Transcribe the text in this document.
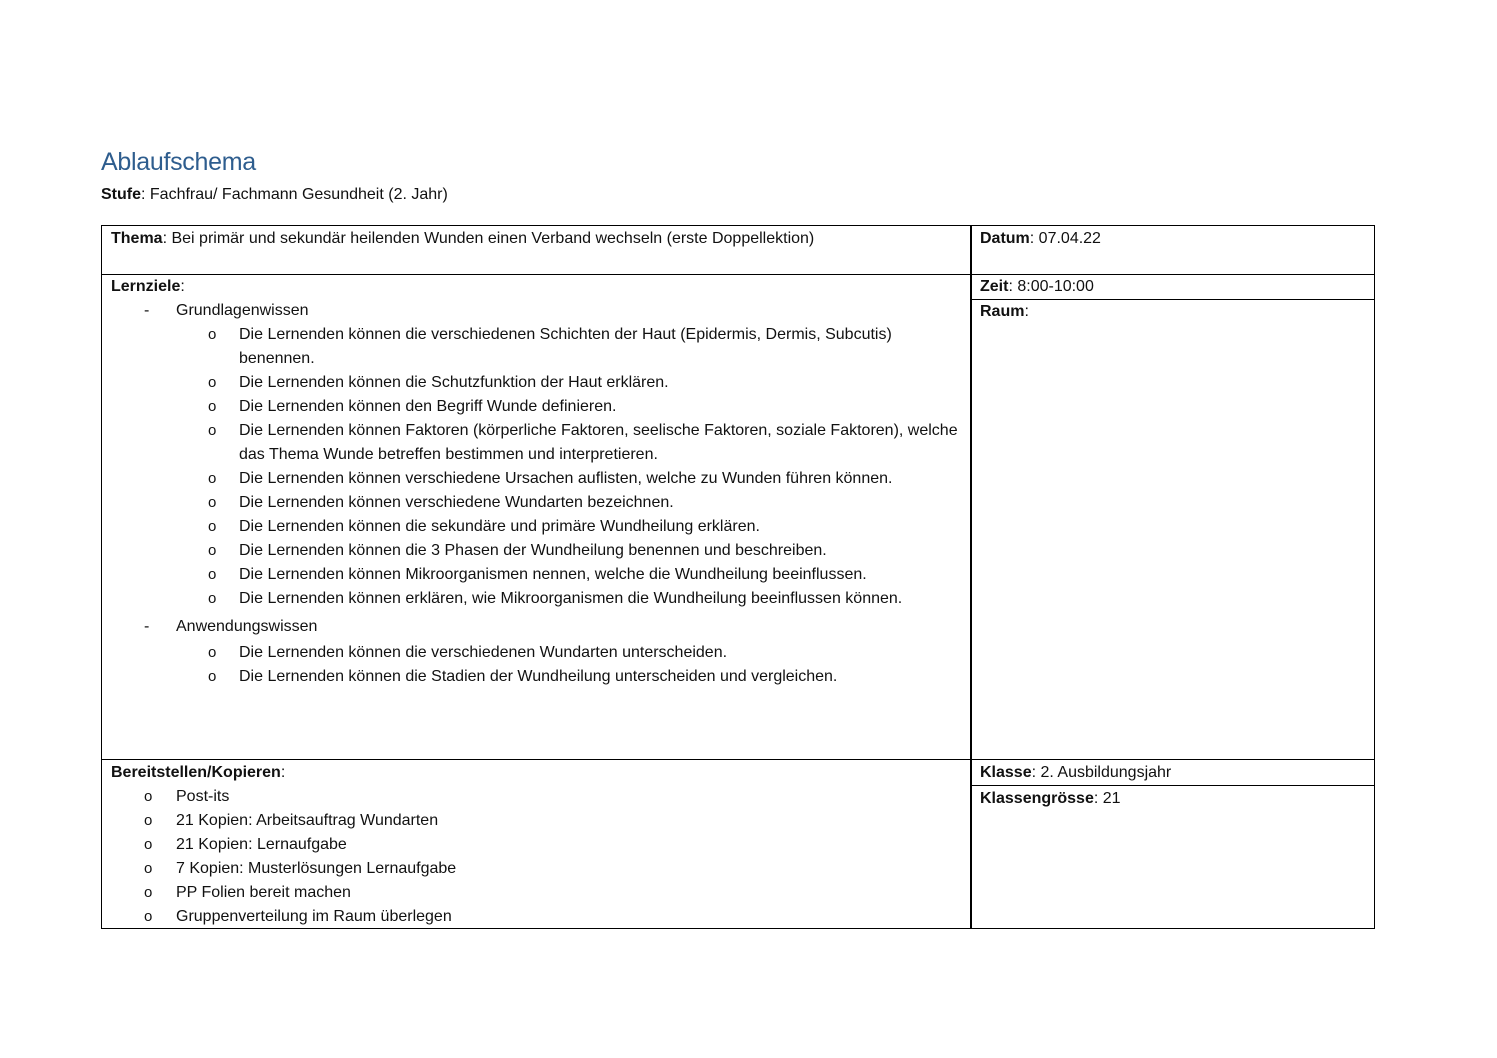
Ablaufschema
Stufe: Fachfrau/ Fachmann Gesundheit (2. Jahr)
Thema: Bei primär und sekundär heilenden Wunden einen Verband wechseln (erste Doppellektion)	Datum: 07.04.22
Lernziele:
- Grundlagenwissen
o Die Lernenden können die verschiedenen Schichten der Haut (Epidermis, Dermis, Subcutis) benennen.
o Die Lernenden können die Schutzfunktion der Haut erklären.
o Die Lernenden können den Begriff Wunde definieren.
o Die Lernenden können Faktoren (körperliche Faktoren, seelische Faktoren, soziale Faktoren), welche das Thema Wunde betreffen bestimmen und interpretieren.
o Die Lernenden können verschiedene Ursachen auflisten, welche zu Wunden führen können.
o Die Lernenden können verschiedene Wundarten bezeichnen.
o Die Lernenden können die sekundäre und primäre Wundheilung erklären.
o Die Lernenden können die 3 Phasen der Wundheilung benennen und beschreiben.
o Die Lernenden können Mikroorganismen nennen, welche die Wundheilung beeinflussen.
o Die Lernenden können erklären, wie Mikroorganismen die Wundheilung beeinflussen können.
- Anwendungswissen
o Die Lernenden können die verschiedenen Wundarten unterscheiden.
o Die Lernenden können die Stadien der Wundheilung unterscheiden und vergleichen.
Zeit: 8:00-10:00
Raum:
Bereitstellen/Kopieren:
o Post-its
o 21 Kopien: Arbeitsauftrag Wundarten
o 21 Kopien: Lernaufgabe
o 7 Kopien: Musterlösungen Lernaufgabe
o PP Folien bereit machen
o Gruppenverteilung im Raum überlegen
Klasse: 2. Ausbildungsjahr
Klassengrösse: 21
